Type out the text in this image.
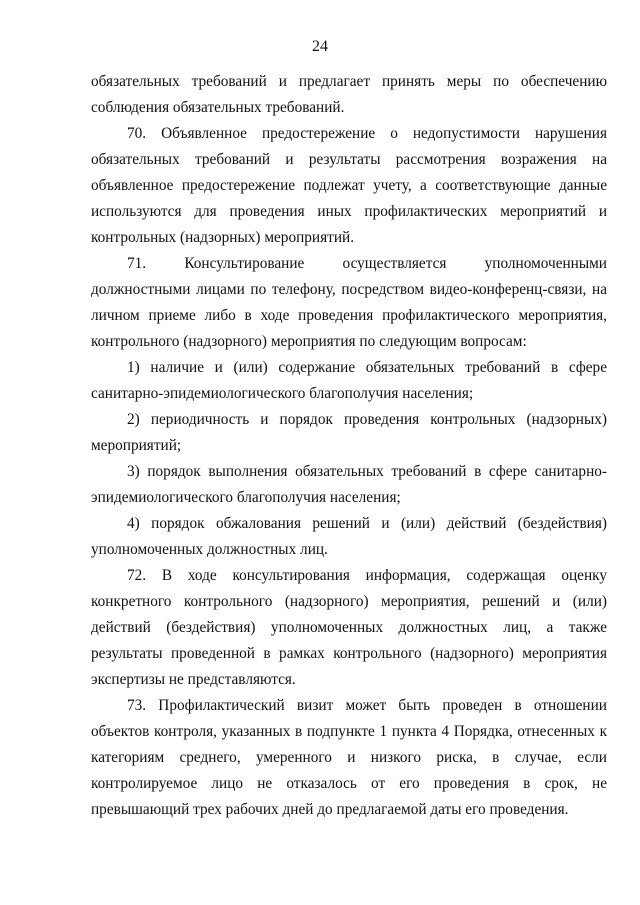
24

обязательных требований и предлагает принять меры по обеспечению соблюдения обязательных требований.

70. Объявленное предостережение о недопустимости нарушения обязательных требований и результаты рассмотрения возражения на объявленное предостережение подлежат учету, а соответствующие данные используются для проведения иных профилактических мероприятий и контрольных (надзорных) мероприятий.

71. Консультирование осуществляется уполномоченными должностными лицами по телефону, посредством видео-конференц-связи, на личном приеме либо в ходе проведения профилактического мероприятия, контрольного (надзорного) мероприятия по следующим вопросам:

1) наличие и (или) содержание обязательных требований в сфере санитарно-эпидемиологического благополучия населения;

2) периодичность и порядок проведения контрольных (надзорных) мероприятий;

3) порядок выполнения обязательных требований в сфере санитарно-эпидемиологического благополучия населения;

4) порядок обжалования решений и (или) действий (бездействия) уполномоченных должностных лиц.

72. В ходе консультирования информация, содержащая оценку конкретного контрольного (надзорного) мероприятия, решений и (или) действий (бездействия) уполномоченных должностных лиц, а также результаты проведенной в рамках контрольного (надзорного) мероприятия экспертизы не представляются.

73. Профилактический визит может быть проведен в отношении объектов контроля, указанных в подпункте 1 пункта 4 Порядка, отнесенных к категориям среднего, умеренного и низкого риска, в случае, если контролируемое лицо не отказалось от его проведения в срок, не превышающий трех рабочих дней до предлагаемой даты его проведения.
